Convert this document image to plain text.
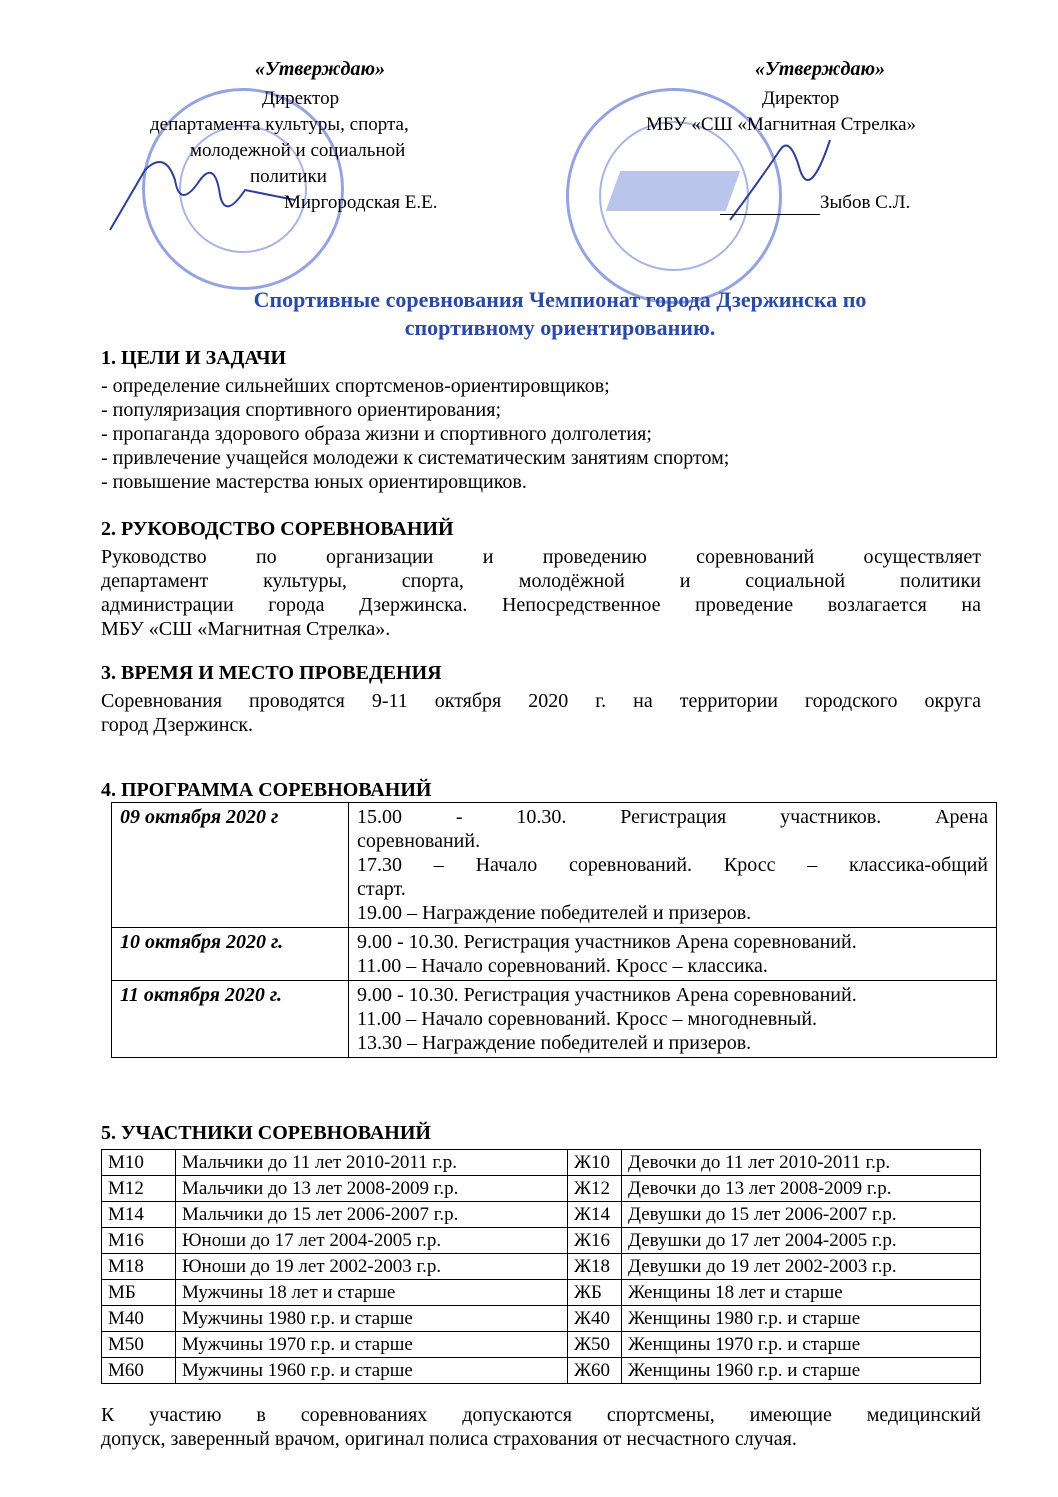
«Утверждаю»
Директор
департамента культуры, спорта,
молодежной и социальной
политики
Миргородская Е.Е.
«Утверждаю»
Директор
МБУ «СШ «Магнитная Стрелка»
Зыбов С.Л.
Спортивные соревнования Чемпионат города Дзержинска по
спортивному ориентированию.
1. ЦЕЛИ И ЗАДАЧИ
- определение сильнейших спортсменов-ориентировщиков;
- популяризация спортивного ориентирования;
- пропаганда здорового образа жизни и спортивного долголетия;
- привлечение учащейся молодежи к систематическим занятиям спортом;
- повышение мастерства юных ориентировщиков.
2. РУКОВОДСТВО СОРЕВНОВАНИЙ
Руководство по организации и проведению соревнований осуществляет
департамент культуры, спорта, молодёжной и социальной политики
администрации города Дзержинска. Непосредственное проведение возлагается на
МБУ «СШ «Магнитная Стрелка».
3. ВРЕМЯ И МЕСТО ПРОВЕДЕНИЯ
Соревнования проводятся 9-11 октября 2020 г. на территории городского округа
город Дзержинск.
4. ПРОГРАММА СОРЕВНОВАНИЙ
09 октября 2020 г	15.00 - 10.30. Регистрация участников. Арена
соревнований.
17.30 – Начало соревнований. Кросс – классика-общий
старт.
19.00 – Награждение победителей и призеров.

10 октября 2020 г.	9.00 - 10.30. Регистрация участников Арена соревнований.
11.00 – Начало соревнований. Кросс – классика.

11 октября 2020 г.	9.00 - 10.30. Регистрация участников Арена соревнований.
11.00 – Начало соревнований. Кросс – многодневный.
13.30 – Награждение победителей и призеров.
5. УЧАСТНИКИ СОРЕВНОВАНИЙ
М10	Мальчики до 11 лет 2010-2011 г.р.	Ж10	Девочки до 11 лет 2010-2011 г.р.
М12	Мальчики до 13 лет 2008-2009 г.р.	Ж12	Девочки до 13 лет 2008-2009 г.р.
М14	Мальчики до 15 лет 2006-2007 г.р.	Ж14	Девушки до 15 лет 2006-2007 г.р.
М16	Юноши до 17 лет 2004-2005 г.р.	Ж16	Девушки до 17 лет 2004-2005 г.р.
М18	Юноши до 19 лет 2002-2003 г.р.	Ж18	Девушки до 19 лет 2002-2003 г.р.
МБ	Мужчины 18 лет и старше	ЖБ	Женщины 18 лет и старше
М40	Мужчины 1980 г.р. и старше	Ж40	Женщины 1980 г.р. и старше
М50	Мужчины 1970 г.р. и старше	Ж50	Женщины 1970 г.р. и старше
М60	Мужчины 1960 г.р. и старше	Ж60	Женщины 1960 г.р. и старше
К участию в соревнованиях допускаются спортсмены, имеющие медицинский
допуск, заверенный врачом, оригинал полиса страхования от несчастного случая.
